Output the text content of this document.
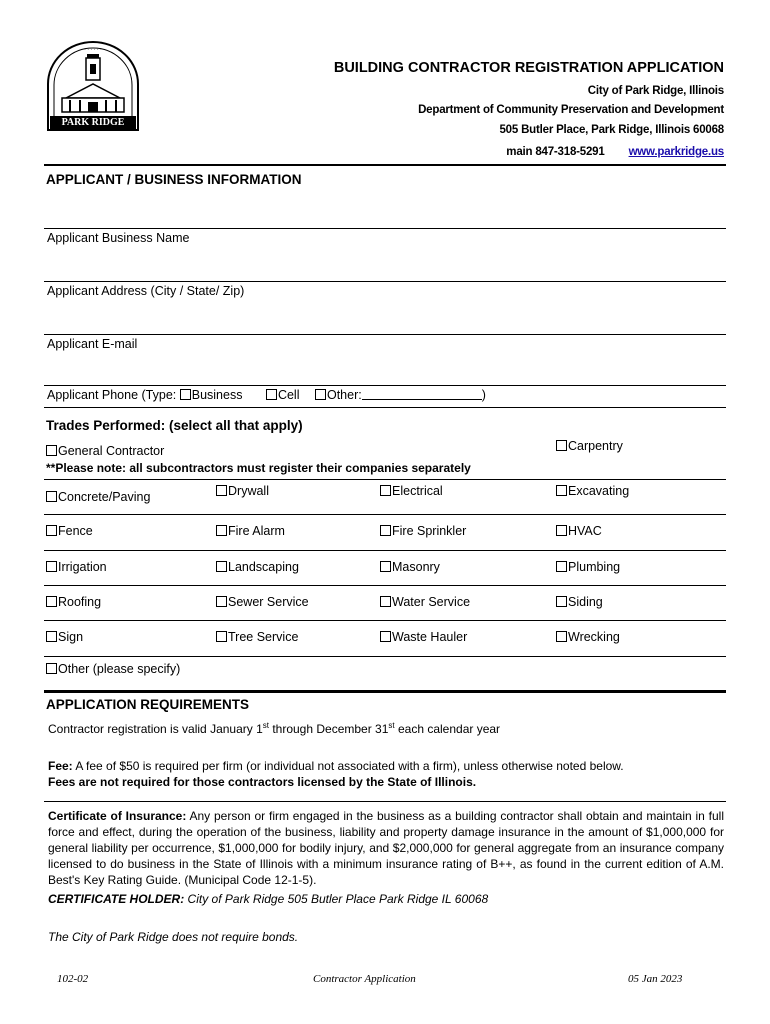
· · · · · · · ·
PARK RIDGE
BUILDING CONTRACTOR REGISTRATION APPLICATION
City of Park Ridge, Illinois
Department of Community Preservation and Development
505 Butler Place, Park Ridge, Illinois 60068
main 847-318-5291 www.parkridge.us
APPLICANT / BUSINESS INFORMATION
Applicant Business Name
Applicant Address (City / State/ Zip)
Applicant E-mail
Applicant Phone (Type: Business	Cell Other:	)
Trades Performed: (select all that apply)
General Contractor	Carpentry
**Please note: all subcontractors must register their companies separately
Concrete/Paving	Drywall	Electrical	Excavating
Fence	Fire Alarm	Fire Sprinkler	HVAC
Irrigation	Landscaping	Masonry	Plumbing
Roofing	Sewer Service	Water Service	Siding
Sign	Tree Service	Waste Hauler	Wrecking
Other (please specify)
APPLICATION REQUIREMENTS
Contractor registration is valid January 1st through December 31st each calendar year
Fee: A fee of $50 is required per firm (or individual not associated with a firm), unless otherwise noted below.
Fees are not required for those contractors licensed by the State of Illinois.
Certificate of Insurance: Any person or firm engaged in the business as a building contractor shall obtain and maintain in full force and effect, during the operation of the business, liability and property damage insurance in the amount of $1,000,000 for general liability per occurrence, $1,000,000 for bodily injury, and $2,000,000 for general aggregate from an insurance company licensed to do business in the State of Illinois with a minimum insurance rating of B++, as found in the current edition of A.M. Best's Key Rating Guide. (Municipal Code 12-1-5).
CERTIFICATE HOLDER: City of Park Ridge 505 Butler Place Park Ridge IL 60068
The City of Park Ridge does not require bonds.
102-02	Contractor Application	05 Jan 2023
